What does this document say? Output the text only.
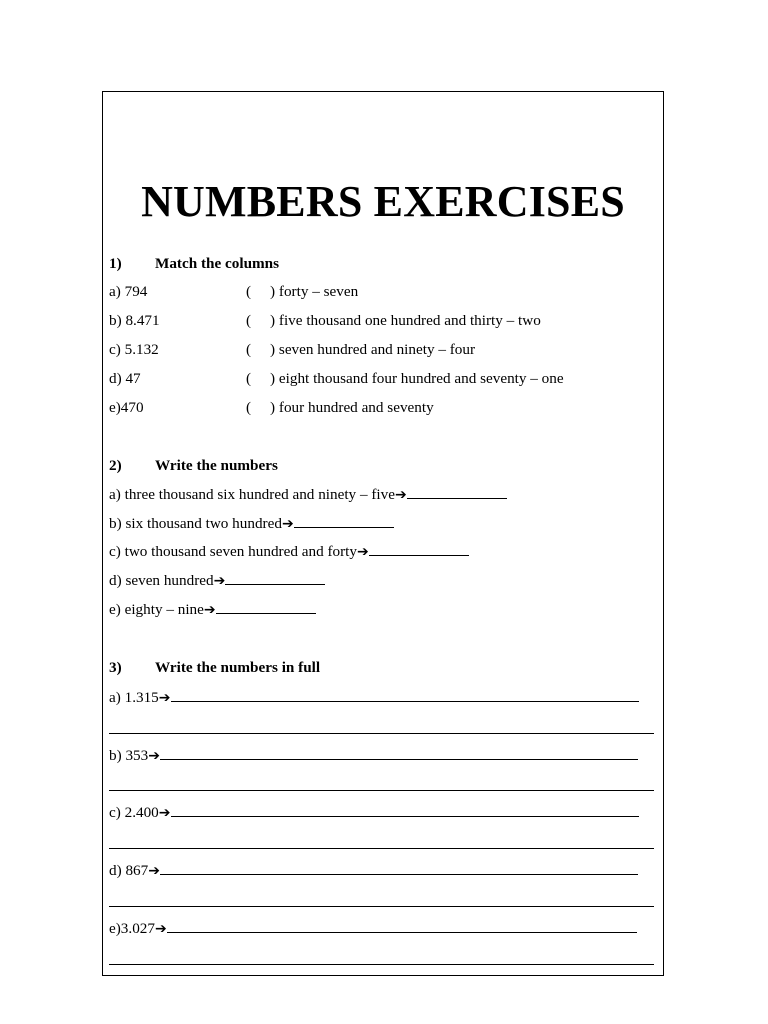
NUMBERS EXERCISES
1) Match the columns
a) 794	(     ) forty – seven
b) 8.471	(     ) five thousand one hundred and thirty – two
c) 5.132	(     ) seven hundred and ninety – four
d) 47	(     ) eight thousand four hundred and seventy – one
e)470	(     ) four hundred and seventy
2) Write the numbers
a) three thousand six hundred and ninety – five➔
b) six thousand two hundred➔
c) two thousand seven hundred and forty➔
d) seven hundred➔
e) eighty – nine➔
3) Write the numbers in full
a) 1.315➔
b) 353➔
c) 2.400➔
d) 867➔
e)3.027➔
